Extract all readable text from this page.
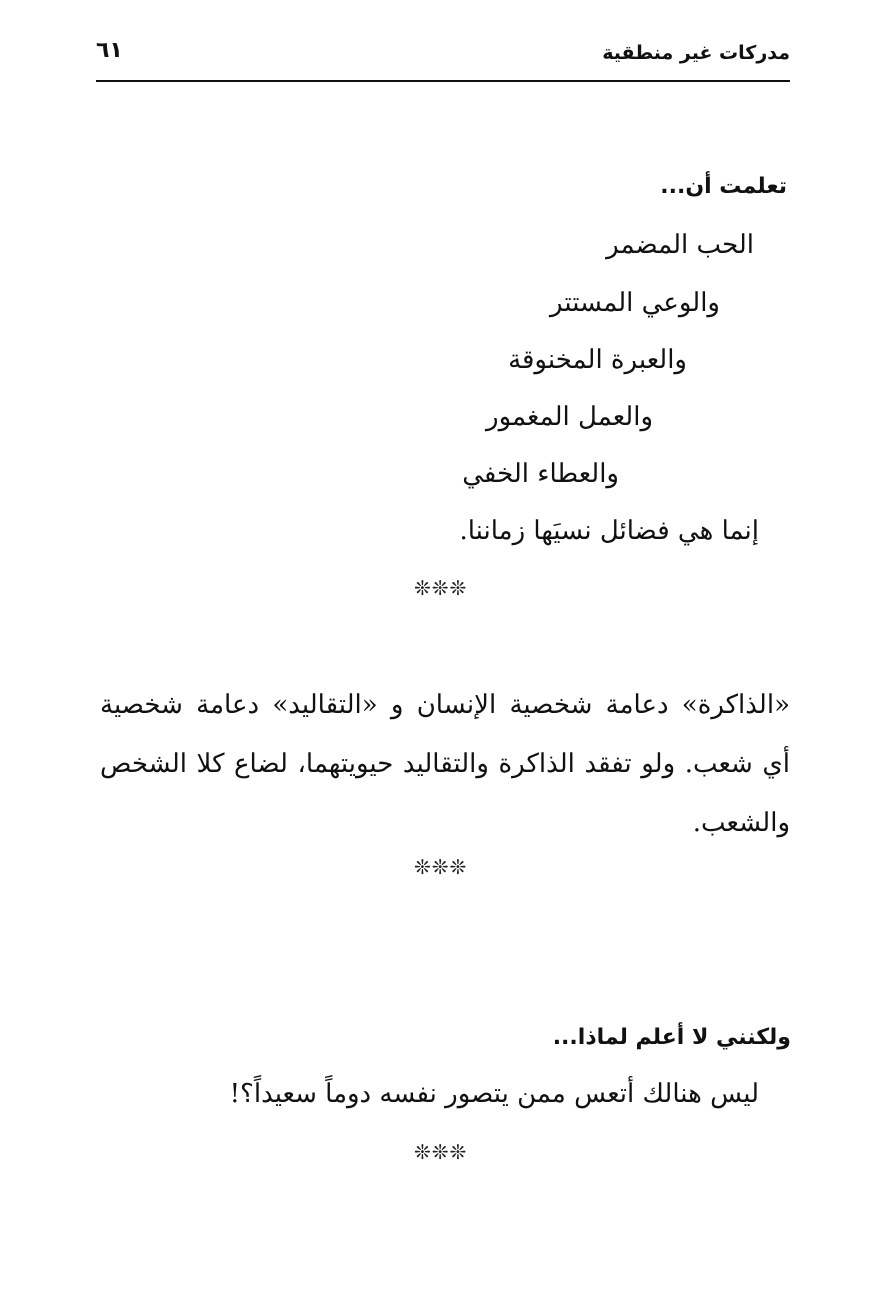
مدركات غير منطقية
٦١
تعلمت أن...
الحب المضمر
والوعي المستتر
والعبرة المخنوقة
والعمل المغمور
والعطاء الخفي
إنما هي فضائل نسيَها زماننا.
❊❊❊
«الذاكرة» دعامة شخصية الإنسان و «التقاليد» دعامة شخصية أي شعب. ولو تفقد الذاكرة والتقاليد حيويتهما، لضاع كلا الشخص والشعب.
❊❊❊
ولكنني لا أعلم لماذا...
ليس هنالك أتعس ممن يتصور نفسه دوماً سعيداً؟!
❊❊❊
